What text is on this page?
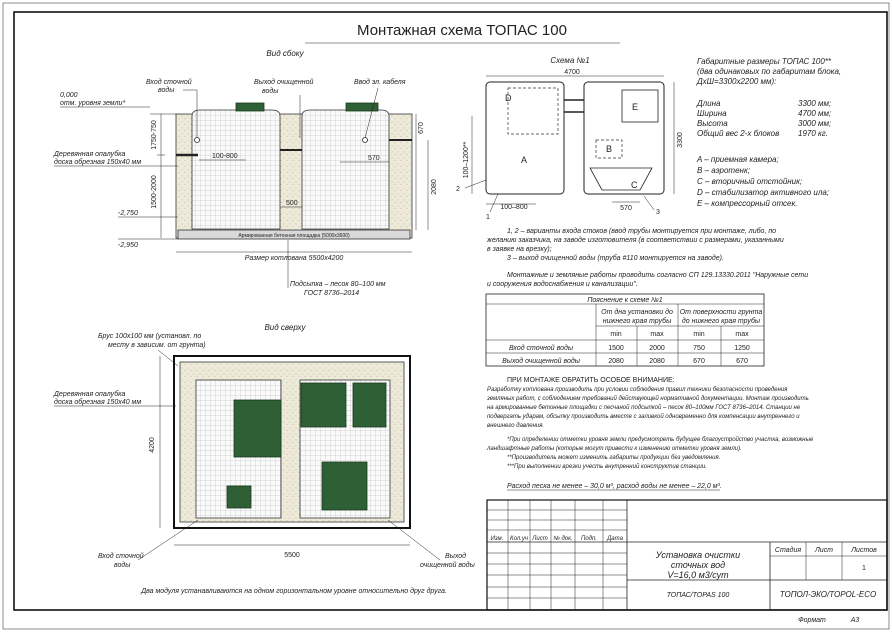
Монтажная схема ТОПАС 100
Вид сбоку
Армированная бетонная площадка (5000х3600)
Вход сточной
воды
Выход очищенной
воды
Ввод эл. кабеля
0,000
отм. уровня земли*
Деревянная опалубка
доска обрезная 150х40 мм
1750-750
1500-2000
-2,750
-2,950
100-800	570
500
670
2080
Размер котлована 5500х4200
Подсыпка – песок 80–100 мм
ГОСТ 8736–2014
Вид сверху
Брус 100х100 мм (установл. по
месту в зависим. от грунта)
Деревянная опалубка
доска обрезная 150х40 мм
4200
5500
Вход сточной
воды
Выход
очищенной воды
Два модуля устанавливаются на одном горизонтальном уровне относительно друг друга.
Схема №1
4700
D
A
B
C
E
100–1200**
3300
100–800	570
2
1
3
Габаритные размеры ТОПАС 100**
(два одинаковых по габаритам блока,
ДхШ=3300х2200 мм):
Длина	3300 мм;
Ширина	4700 мм;
Высота	3000 мм;
Общий вес 2-х блоков 1970 кг.
A – приемная камера;
B – аэротенк;
C – вторичный отстойник;
D – стабилизатор активного ила;
E – компрессорный отсек.
1, 2 – варианты входа стоков (ввод трубы монтируется при монтаже, либо, по
желанию заказчика, на заводе изготовителя (в соответствии с размерами, указанными
в заявке на врезку);
3 – выход очищенной воды (труба #110 монтируется на заводе).
Монтажные и земляные работы проводить согласно СП 129.13330.2011 "Наружные сети
и сооружения водоснабжения и канализации".
Пояснение к схеме №1
От дна установки до
нижнего края трубы
От поверхности грунта
до нижнего края трубы
min	max	min	max
Вход сточной воды	1500	2000	750	1250
Выход очищенной воды	2080	2080	670	670
ПРИ МОНТАЖЕ ОБРАТИТЬ ОСОБОЕ ВНИМАНИЕ:
Разработку котлована производить при условии соблюдения правил техники безопасности проведения
земляных работ, с соблюдением требований действующей нормативной документации. Монтаж производить
на армированные бетонные площадки с песчаной подсыпкой – песок 80–100мм ГОСТ 8736–2014. Станции не
подвергать ударам, обсыпку производить вместе с заливкой одновременно для компенсации внутреннего и
внешнего давления.
*При определении отметки уровня земли предусмотреть будущее благоустройство участка, возможные
ландшафтные работы (которые могут привести к изменению отметки уровня земли).
**Производитель может изменить габариты продукции без уведомления.
***При выполнении врезки учесть внутренний конструктив станции.
Расход песка не менее – 30,0 м³, расход воды не менее – 22,0 м³.
Изм. Кол.уч Лист № док. Подп. Дата
Установка очистки
сточных вод
V=16,0 м3/сут
Стадия Лист	Листов
1
ТОПАС/TOPAS 100	ТОПОЛ-ЭКО/TOPOL-ECO
Формат	А3
